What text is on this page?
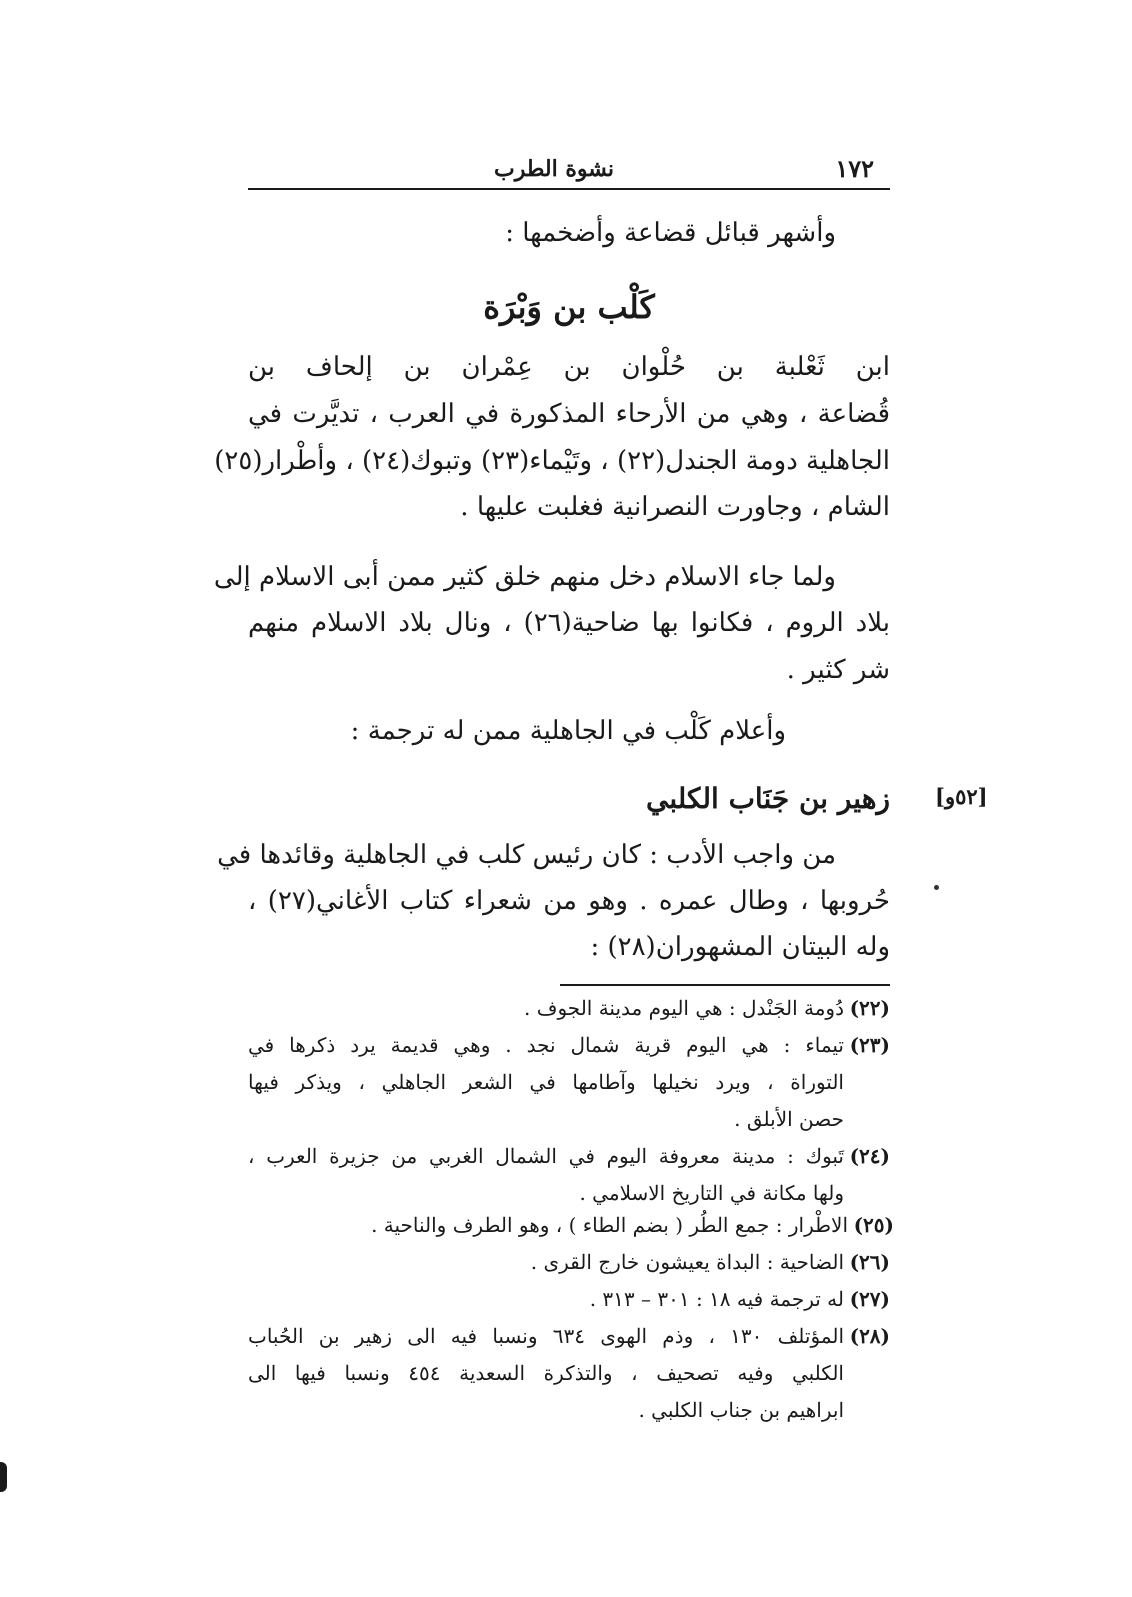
١٧٢
نشوة الطرب
وأشهر قبائل قضاعة وأضخمها :
كَلْب بن وَبْرَة
ابن ثَعْلبة بن حُلْوان بن عِمْران بن إلحاف بن
قُضاعة ، وهي من الأرحاء المذكورة في العرب ، تديَّرت في
الجاهلية دومة الجندل(٢٢) ، وتَيْماء(٢٣) وتبوك(٢٤) ، وأطْرار(٢٥)
الشام ، وجاورت النصرانية فغلبت عليها .
ولما جاء الاسلام دخل منهم خلق كثير ممن أبى الاسلام إلى
بلاد الروم ، فكانوا بها ضاحية(٢٦) ، ونال بلاد الاسلام منهم
شر كثير .
وأعلام كَلْب في الجاهلية ممن له ترجمة :
زهير بن جَنَاب الكلبي [٥٢و]
من واجب الأدب : كان رئيس كلب في الجاهلية وقائدها في
حُروبها ، وطال عمره . وهو من شعراء كتاب الأغاني(٢٧) ،
وله البيتان المشهوران(٢٨) :
(٢٢)دُومة الجَنْدل : هي اليوم مدينة الجوف .
(٢٣)تيماء : هي اليوم قرية شمال نجد . وهي قديمة يرد ذكرها في
التوراة ، ويرد نخيلها وآطامها في الشعر الجاهلي ، ويذكر فيها
حصن الأبلق .
(٢٤)تَبوك : مدينة معروفة اليوم في الشمال الغربي من جزيرة العرب ،
ولها مكانة في التاريخ الاسلامي .
(٢٥)الاطْرار : جمع الطُر ( بضم الطاء ) ، وهو الطرف والناحية .
(٢٦)الضاحية : البداة يعيشون خارج القرى .
(٢٧)له ترجمة فيه ١٨ : ٣٠١ – ٣١٣ .
(٢٨)المؤتلف ١٣٠ ، وذم الهوى ٦٣٤ ونسبا فيه الى زهير بن الحُباب
الكلبي وفيه تصحيف ، والتذكرة السعدية ٤٥٤ ونسبا فيها الى
ابراهيم بن جناب الكلبي .
